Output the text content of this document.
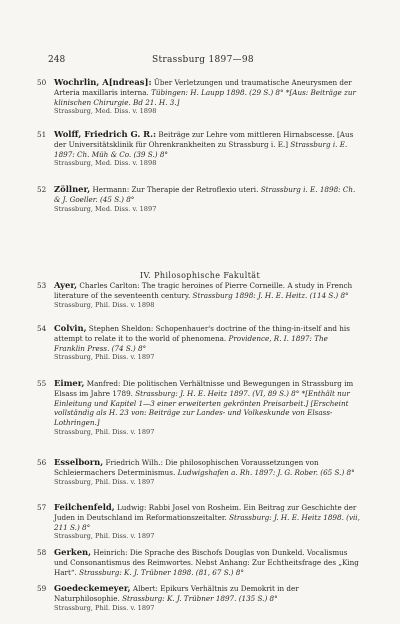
248	Strassburg 1897—98
50 Wochrlin, A[ndreas]: Über Verletzungen und traumatische Aneurysmen der Arteria maxillaris interna. Tübingen: H. Laupp 1898. (29 S.) 8° *[Aus: Beiträge zur klinischen Chirurgie. Bd 21. H. 3.]
Strassburg, Med. Diss. v. 1898
51 Wolff, Friedrich G. R.: Beiträge zur Lehre vom mittleren Hirnabscesse. [Aus der Universitätsklinik für Ohrenkrankheiten zu Strassburg i. E.] Strassburg i. E. 1897: Ch. Müh & Co. (39 S.) 8°
Strassburg, Med. Diss. v. 1898
52 Zöllner, Hermann: Zur Therapie der Retroflexio uteri. Strassburg i. E. 1898: Ch. & J. Goeller. (45 S.) 8°
Strassburg, Med. Diss. v. 1897
IV. Philosophische Fakultät
53 Ayer, Charles Carlton: The tragic heroines of Pierre Corneille. A study in French literature of the seventeenth century. Strassburg 1898: J. H. E. Heitz. (114 S.) 8°
Strassburg, Phil. Diss. v. 1898
54 Colvin, Stephen Sheldon: Schopenhauer's doctrine of the thing-in-itself and his attempt to relate it to the world of phenomena. Providence, R. I. 1897: The Franklin Press. (74 S.) 8°
Strassburg, Phil. Diss. v. 1897
55 Eimer, Manfred: Die politischen Verhältnisse und Bewegungen in Strassburg im Elsass im Jahre 1789. Strassburg: J. H. E. Heitz 1897. (VI, 89 S.) 8° *[Enthält nur Einleitung und Kapitel 1—3 einer erweiterten gekrönten Preisarbeit.] [Erscheint vollständig als H. 23 von: Beiträge zur Landes- und Volkeskunde von Elsass-Lothringen.]
Strassburg, Phil. Diss. v. 1897
56 Esselborn, Friedrich Wilh.: Die philosophischen Voraussetzungen von Schleiermachers Determinismus. Ludwigshafen a. Rh. 1897: J. G. Rober. (65 S.) 8°
Strassburg, Phil. Diss. v. 1897
57 Feilchenfeld, Ludwig: Rabbi Josel von Rosheim. Ein Beitrag zur Geschichte der Juden in Deutschland im Reformationszeitalter. Strassburg: J. H. E. Heitz 1898. (vii, 211 S.) 8°
Strassburg, Phil. Diss. v. 1897
58 Gerken, Heinrich: Die Sprache des Bischofs Douglas von Dunkeld. Vocalismus und Consonantismus des Reimwortes. Nebst Anhang: Zur Echtheitsfrage des „King Hart“. Strassburg: K. J. Trübner 1898. (81, 67 S.) 8°
59 Goedeckemeyer, Albert: Epikurs Verhältnis zu Demokrit in der Naturphilosophie. Strassburg: K. J. Trübner 1897. (135 S.) 8°
Strassburg, Phil. Diss. v. 1897
